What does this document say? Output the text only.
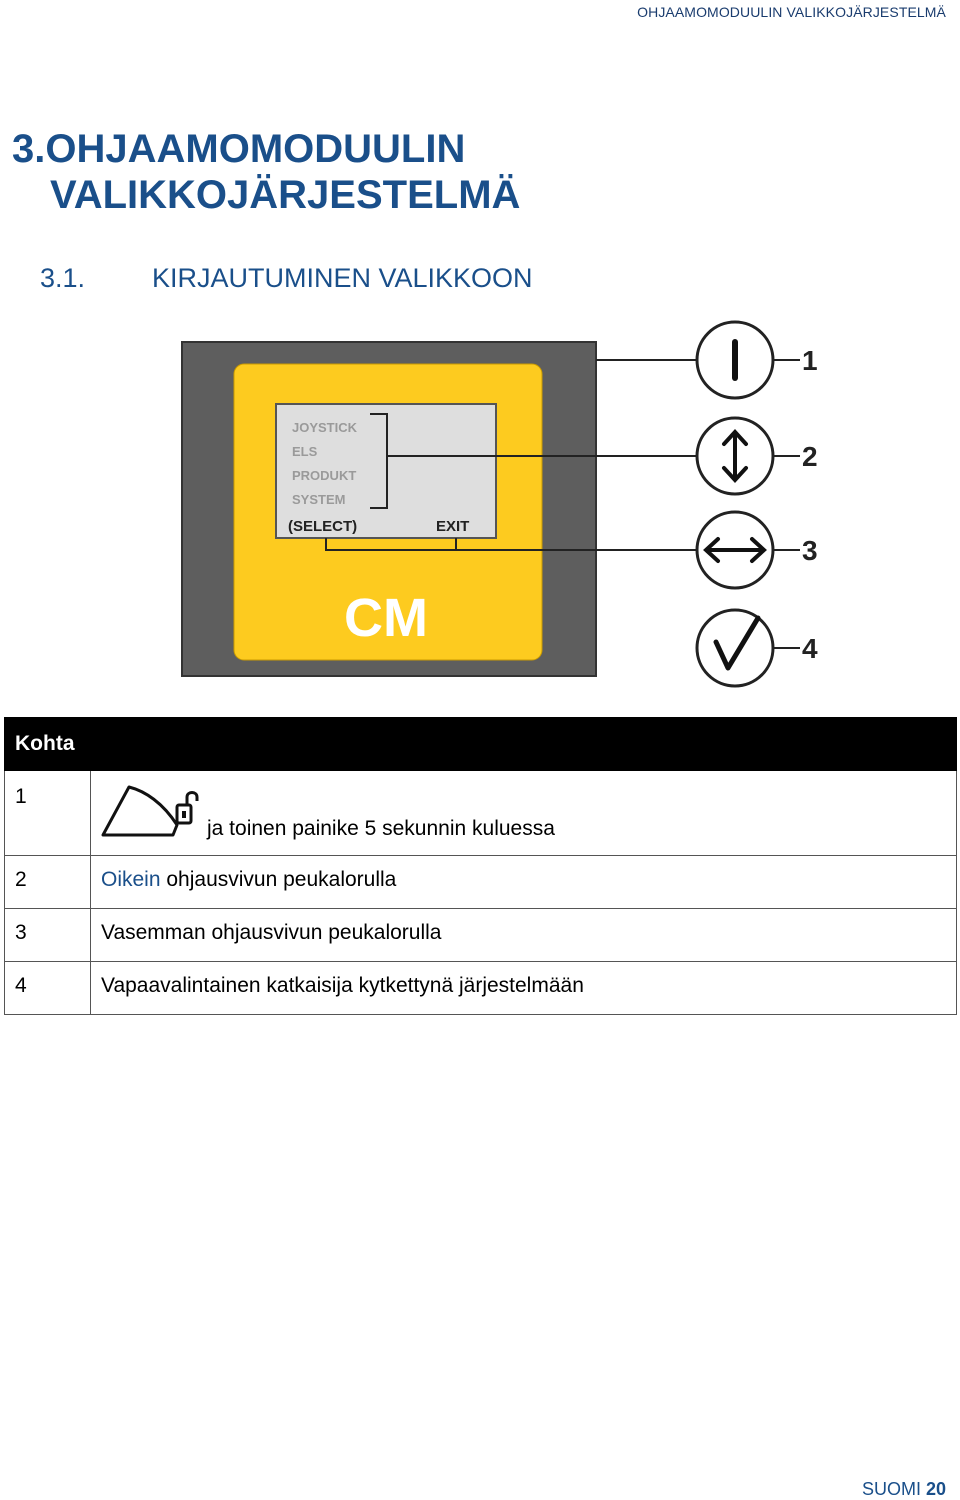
OHJAAMOMODUULIN VALIKKOJÄRJESTELMÄ
3.OHJAAMOMODUULIN
VALIKKOJÄRJESTELMÄ
3.1. KIRJAUTUMINEN VALIKKOON
JOYSTICK
ELS
PRODUKT
SYSTEM
(SELECT)	EXIT
CM
1
2
3
4
Kohta	
1	ja toinen painike 5 sekunnin kuluessa

2	Oikein ohjausvivun peukalorulla
3	Vasemman ohjausvivun peukalorulla
4	Vapaavalintainen katkaisija kytkettynä järjestelmään
SUOMI 20
